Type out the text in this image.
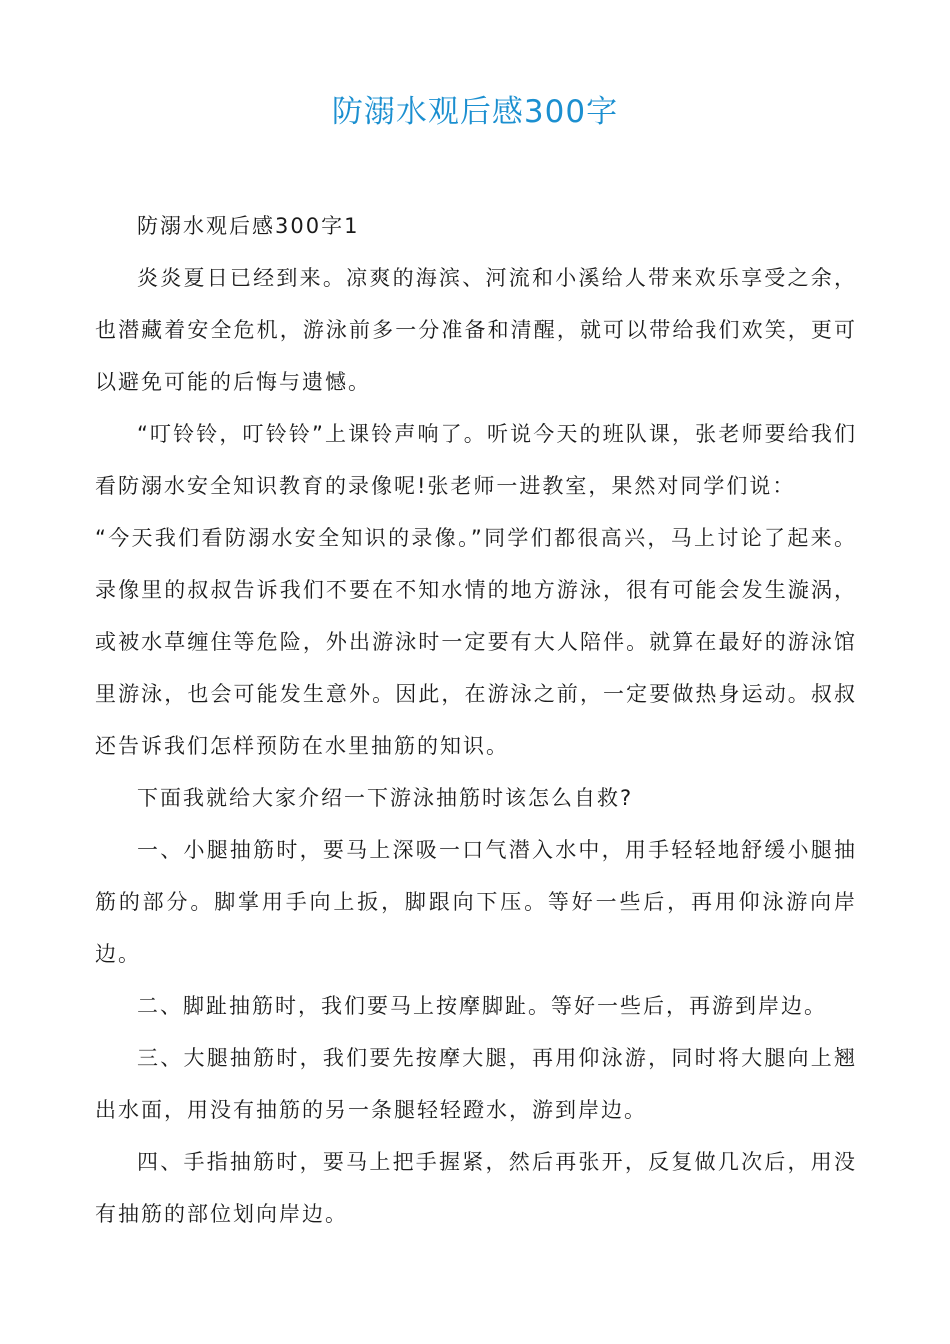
防溺水观后感300字

防溺水观后感300字1

炎炎夏日已经到来。凉爽的海滨、河流和小溪给人带来欢乐享受之余，也潜藏着安全危机，游泳前多一分准备和清醒，就可以带给我们欢笑，更可以避免可能的后悔与遗憾。

“叮铃铃，叮铃铃”上课铃声响了。听说今天的班队课，张老师要给我们看防溺水安全知识教育的录像呢!张老师一进教室，果然对同学们说：

“今天我们看防溺水安全知识的录像。”同学们都很高兴，马上讨论了起来。 录像里的叔叔告诉我们不要在不知水情的地方游泳，很有可能会发生漩涡，或被水草缠住等危险，外出游泳时一定要有大人陪伴。就算在最好的游泳馆里游泳，也会可能发生意外。因此，在游泳之前，一定要做热身运动。叔叔还告诉我们怎样预防在水里抽筋的知识。

下面我就给大家介绍一下游泳抽筋时该怎么自救?

一、小腿抽筋时，要马上深吸一口气潜入水中，用手轻轻地舒缓小腿抽筋的部分。脚掌用手向上扳，脚跟向下压。等好一些后，再用仰泳游向岸边。

二、脚趾抽筋时，我们要马上按摩脚趾。等好一些后，再游到岸边。

三、大腿抽筋时，我们要先按摩大腿，再用仰泳游，同时将大腿向上翘出水面，用没有抽筋的另一条腿轻轻蹬水，游到岸边。

四、手指抽筋时，要马上把手握紧，然后再张开，反复做几次后，用没有抽筋的部位划向岸边。
